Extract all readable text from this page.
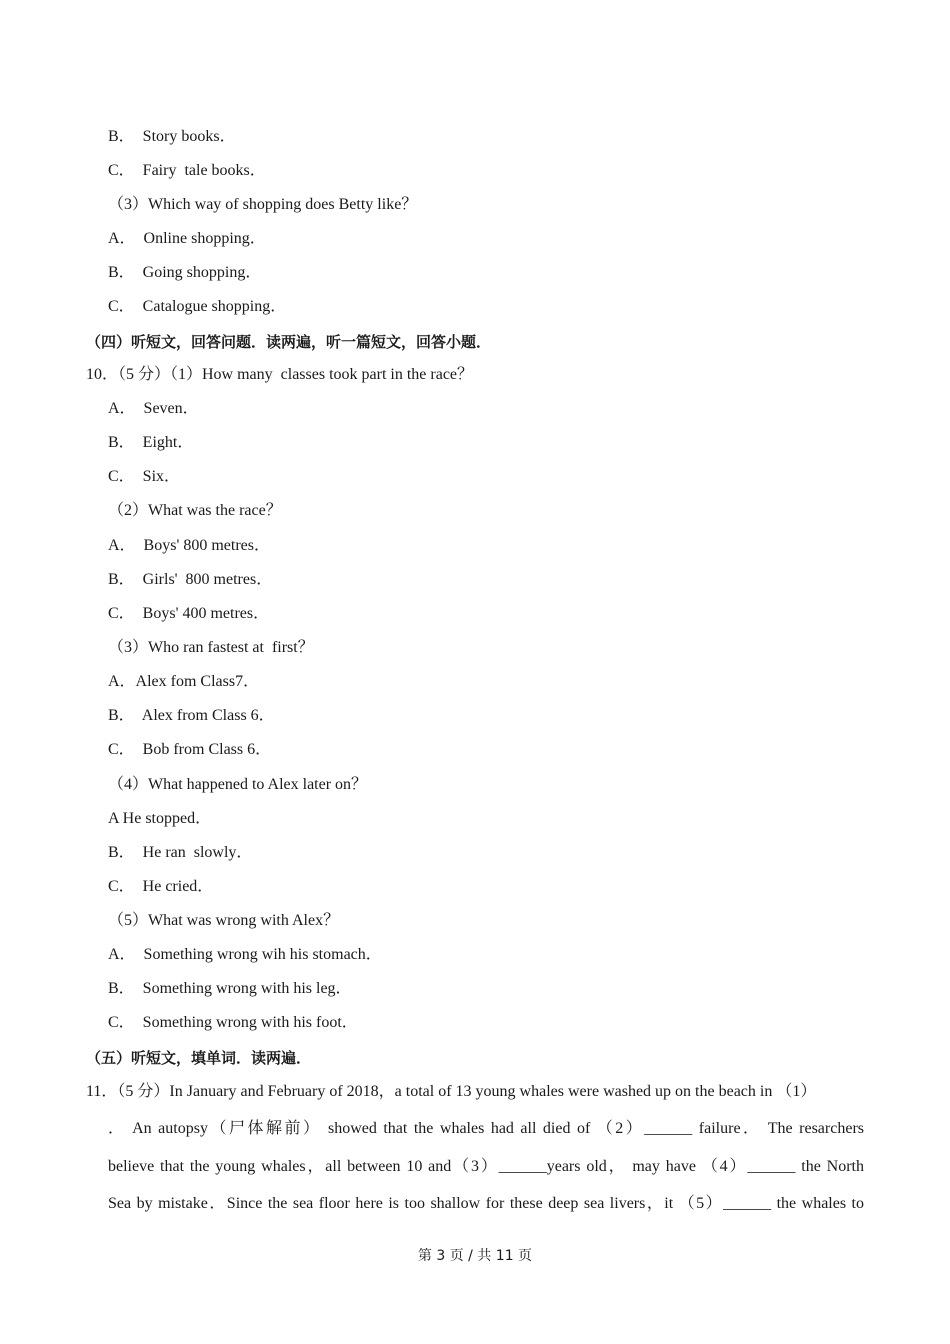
B．  Story books．
C．  Fairy  tale books．
（3）Which way of shopping does Betty like？
A．  Online shopping．
B．  Going shopping．
C．  Catalogue shopping．
（四）听短文，回答问题．读两遍，听一篇短文，回答小题．
10．（5 分）（1）How many  classes took part in the race？
A．  Seven．
B．  Eight．
C．  Six．
（2）What was the race？
A．  Boys' 800 metres．
B．  Girls'  800 metres．
C．  Boys' 400 metres．
（3）Who ran fastest at  first？
A．Alex fom Class7．
B．  Alex from Class 6．
C．  Bob from Class 6．
（4）What happened to Alex later on？
A He stopped．
B．  He ran  slowly．
C．  He cried．
（5）What was wrong with Alex？
A．  Something wrong wih his stomach．
B．  Something wrong with his leg．
C．  Something wrong with his foot．
（五）听短文，填单词．读两遍．
11．（5 分）In January and February of 2018，a total of 13 young whales were washed up on the beach in （1）
． An autopsy（尸体解前） showed that the whales had all died of （2）______ failure． The resarchers
believe that the young whales，all between 10 and（3）______years old， may have （4）______ the North
Sea by mistake．Since the sea floor here is too shallow for these deep sea livers，it （5）______ the whales to
第 3 页 / 共 11 页
